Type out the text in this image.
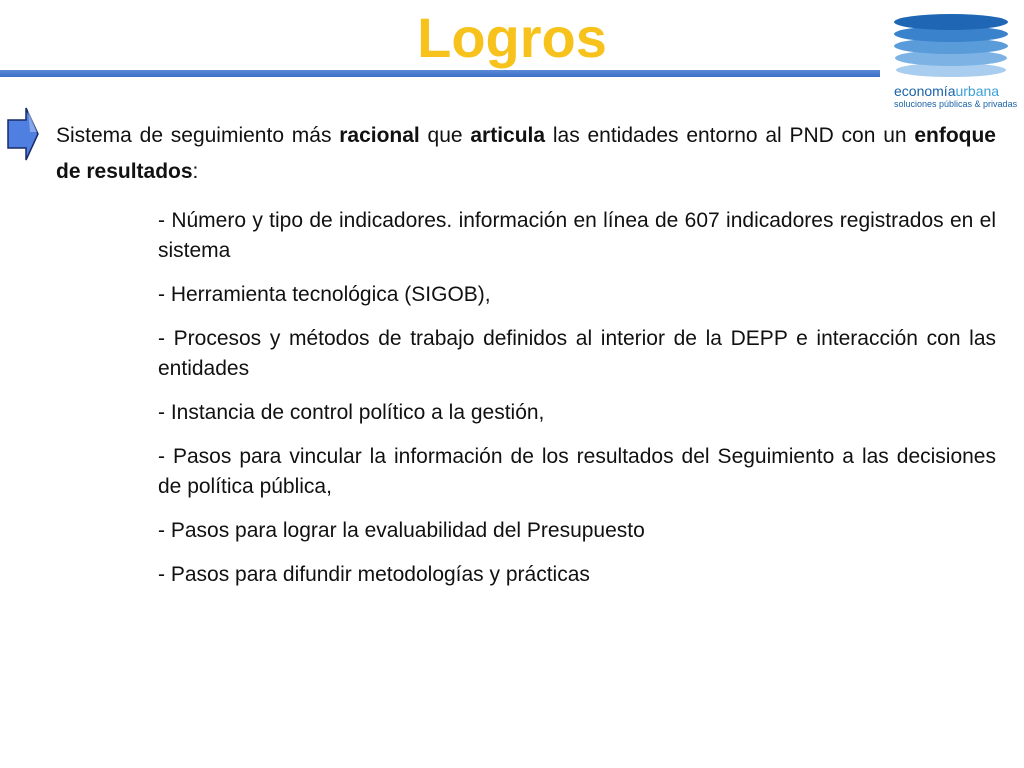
Logros
economíaurbana
soluciones públicas & privadas
Sistema de seguimiento más racional que articula las entidades entorno al PND con un enfoque de resultados:
- Número y tipo de indicadores. información en línea de 607 indicadores registrados en el sistema
- Herramienta tecnológica (SIGOB),
- Procesos y métodos de trabajo definidos al interior de la DEPP e interacción con las entidades
- Instancia de control político a la gestión,
- Pasos para vincular la información de los resultados del Seguimiento a las decisiones de política pública,
- Pasos para lograr la evaluabilidad del Presupuesto
- Pasos para difundir metodologías y prácticas
